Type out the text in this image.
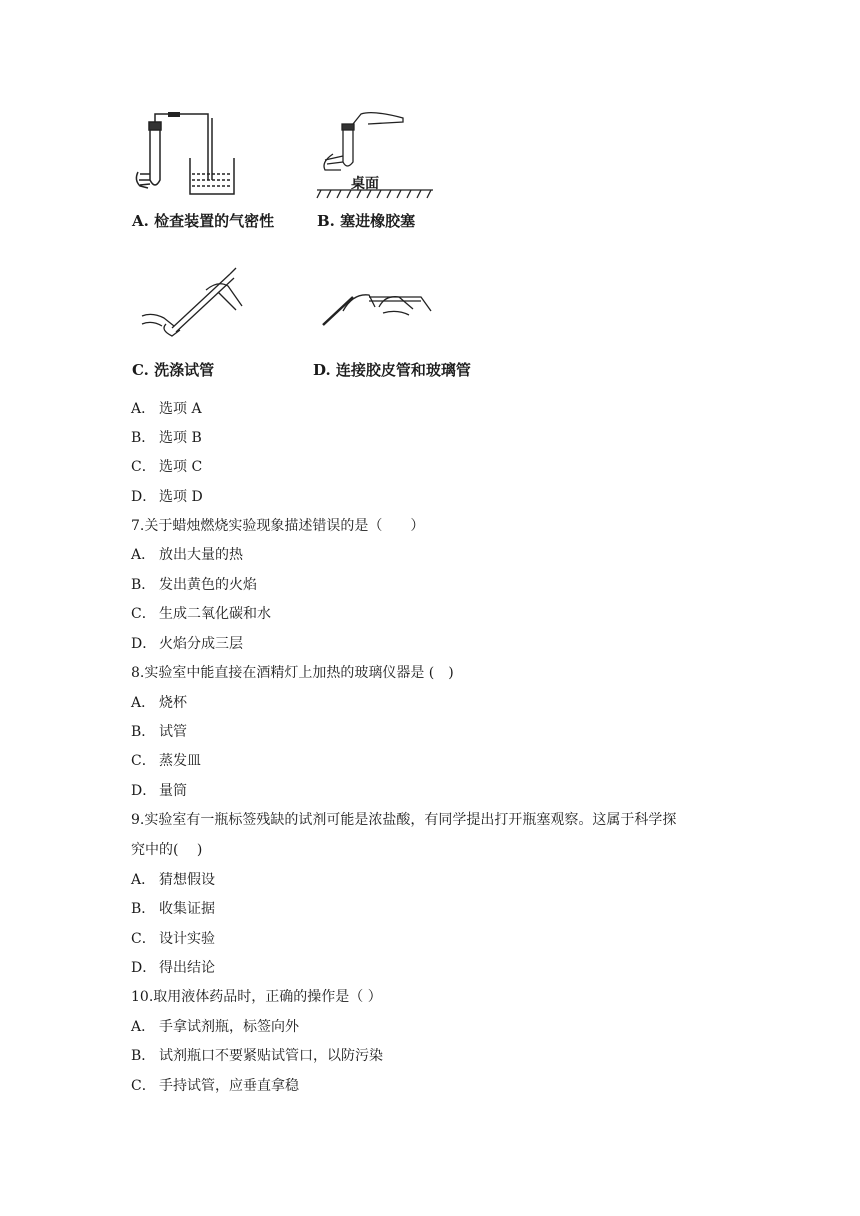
A. 检查装置的气密性
桌面
B. 塞进橡胶塞
C. 洗涤试管	D. 连接胶皮管和玻璃管
A． 选项 A
B． 选项 B
C． 选项 C
D． 选项 D
7.关于蜡烛燃烧实验现象描述错误的是（　　）
A． 放出大量的热
B． 发出黄色的火焰
C． 生成二氧化碳和水
D． 火焰分成三层
8.实验室中能直接在酒精灯上加热的玻璃仪器是 (　)
A． 烧杯
B． 试管
C． 蒸发皿
D． 量筒
9.实验室有一瓶标签残缺的试剂可能是浓盐酸，有同学提出打开瓶塞观察。这属于科学探
究中的(　 )
A． 猜想假设
B． 收集证据
C． 设计实验
D． 得出结论
10.取用液体药品时，正确的操作是（ ）
A． 手拿试剂瓶，标签向外
B． 试剂瓶口不要紧贴试管口，以防污染
C． 手持试管，应垂直拿稳
